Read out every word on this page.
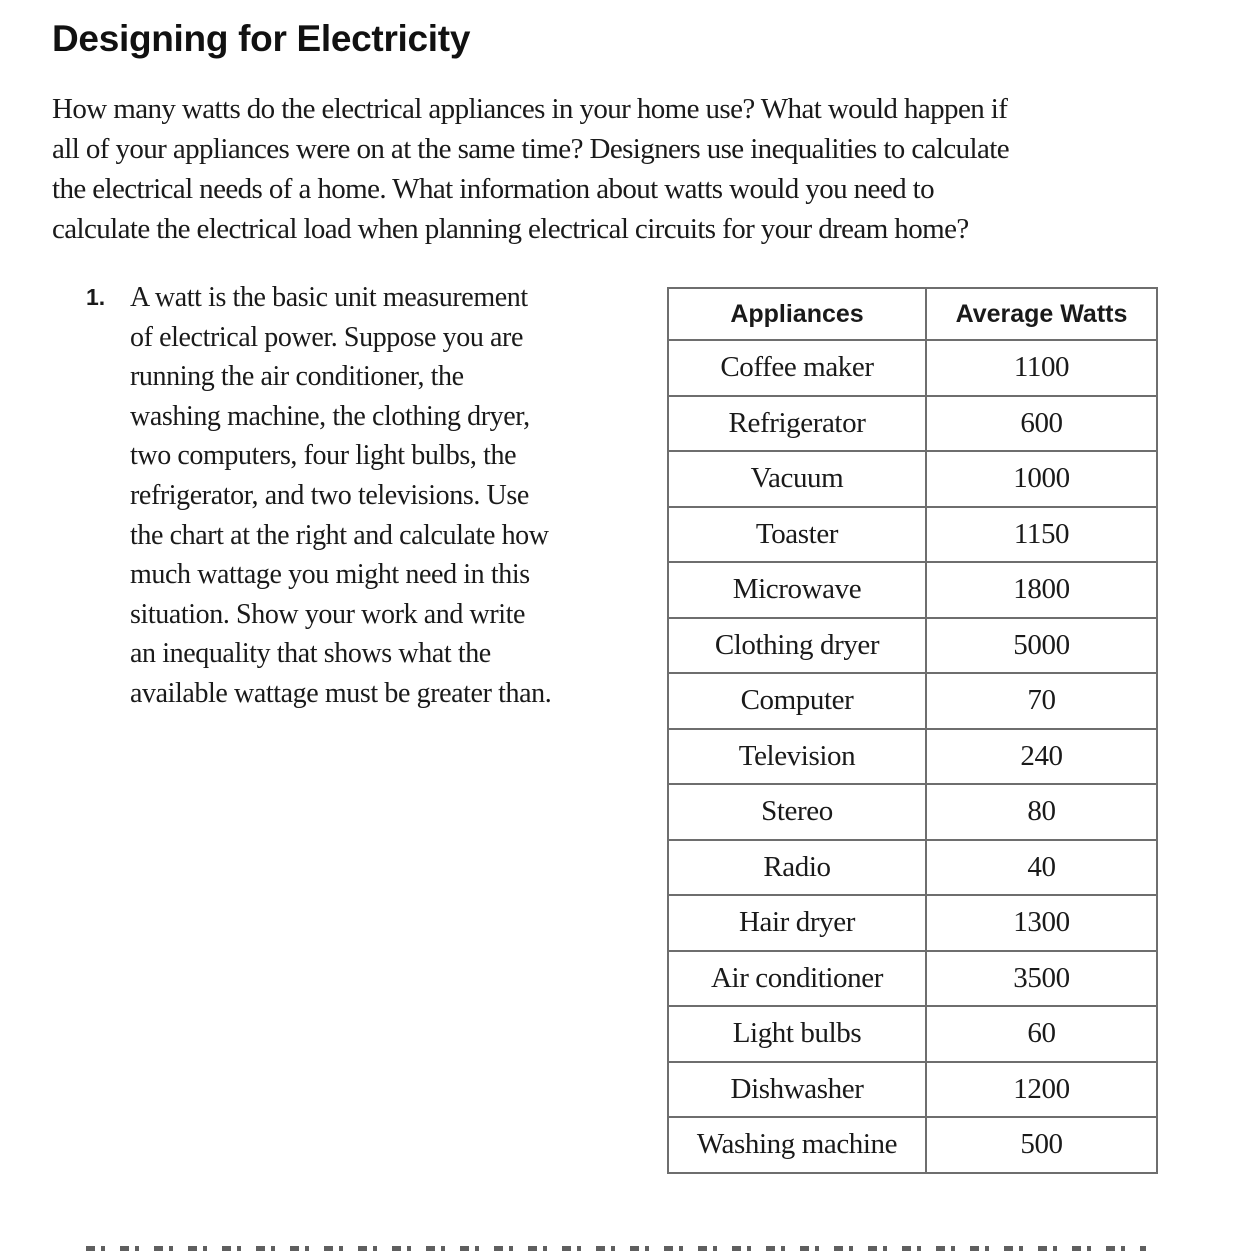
Designing for Electricity

How many watts do the electrical appliances in your home use? What would happen if
all of your appliances were on at the same time? Designers use inequalities to calculate
the electrical needs of a home. What information about watts would you need to
calculate the electrical load when planning electrical circuits for your dream home?

1. A watt is the basic unit measurement
of electrical power. Suppose you are
running the air conditioner, the
washing machine, the clothing dryer,
two computers, four light bulbs, the
refrigerator, and two televisions. Use
the chart at the right and calculate how
much wattage you might need in this
situation. Show your work and write
an inequality that shows what the
available wattage must be greater than.
Appliances	Average Watts
Coffee maker	1100
Refrigerator	600
Vacuum	1000
Toaster	1150
Microwave	1800
Clothing dryer	5000
Computer	70
Television	240
Stereo	80
Radio	40
Hair dryer	1300
Air conditioner	3500
Light bulbs	60
Dishwasher	1200
Washing machine	500
